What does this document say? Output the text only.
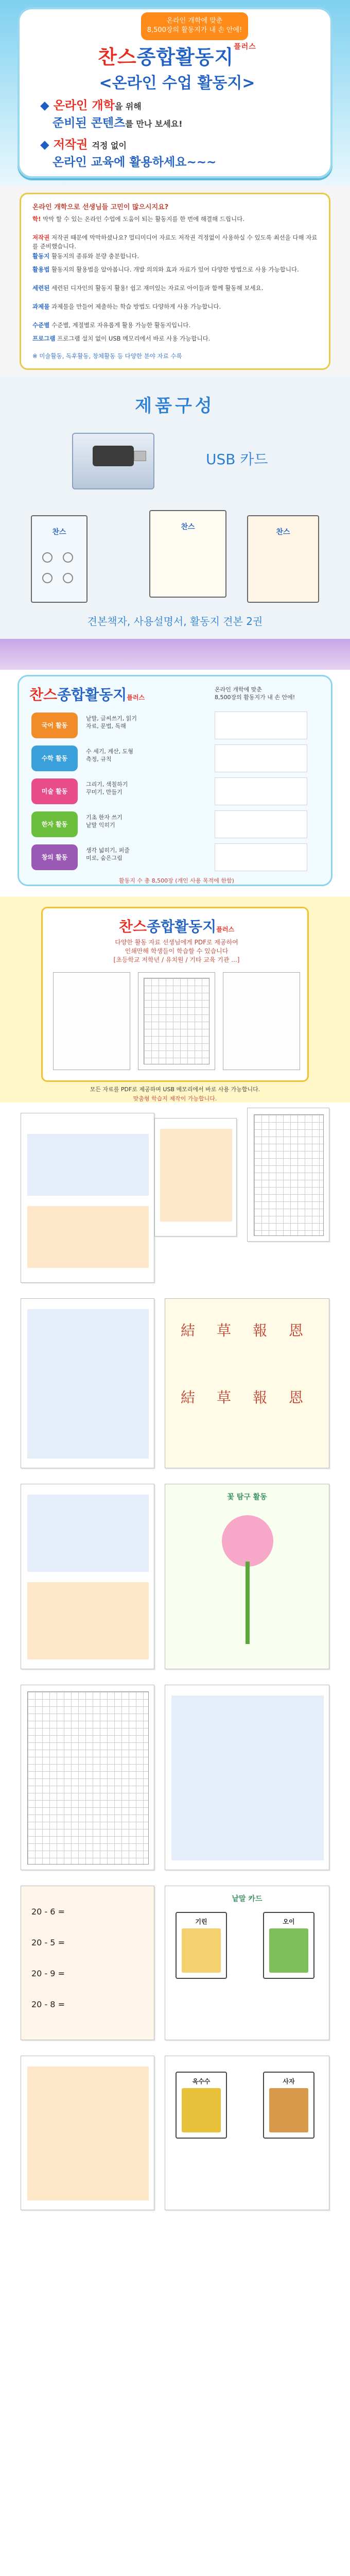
온라인 개학에 맞춘
8,500장의 활동지가 내 손 안에!
찬스종합활동지$^{플러스}$
<온라인 수업 활동지>
◆ 온라인 개학을 위해
준비된 콘텐츠를 만나 보세요!
◆ 저작권 걱정 없이
온라인 교육에 활용하세요~~~
온라인 개학으로 선생님들 고민이 많으시지요?
학! 막막 할 수 있는 온라인 수업에 도움이 되는 활동지를 한 번에 해결해 드립니다.
저작권 저작권 때문에 막막하셨나요? 멀티미디어 자료도 저작권 걱정없이 사용하실 수 있도록 최선을 다해 자료를 준비했습니다.
활동지 활동지의 종류와 분량 충분합니다.
활용법 활동지의 활용법을 알아봅니다. 개발 의의와 효과 자료가 있어 다양한 방법으로 사용 가능합니다.
세련된 세련된 디자인의 활동지 활용! 쉽고 재미있는 자료로 아이들과 함께 활동해 보세요.
과제물 과제물을 만들어 제출하는 학습 방법도 다양하게 사용 가능합니다.
수준별 수준별, 계절별로 자유롭게 활용 가능한 활동지입니다.
프로그램 프로그램 설치 없이 USB 메모리에서 바로 사용 가능합니다.
※ 미술활동, 독후활동, 창체활동 등 다양한 분야 자료 수록
제품구성
USB 카드
찬스
찬스
찬스
견본책자, 사용설명서, 활동지 견본 2권
찬스종합활동지플러스
온라인 개학에 맞춘
8,500장의 활동지가 내 손 안에!
국어 활동
낱말, 글씨쓰기, 읽기
자료, 문법, 독해
수학 활동
수 세기, 계산, 도형
측정, 규칙
미술 활동
그리기, 색칠하기
꾸미기, 만들기
한자 활동
기초 한자 쓰기
낱말 익히기
창의 활동
생각 넓히기, 퍼즐
미로, 숨은그림
활동지 수 총 8,500장 (개인 사용 목적에 한함)
찬스종합활동지플러스
다양한 활동 자료 선생님에게 PDF로 제공하여
인쇄만해 학생들이 학습할 수 있습니다
[초등학교 저학년 / 유치원 / 기타 교육 기관 ...]
모든 자료를 PDF로 제공하며 USB 메모리에서 바로 사용 가능합니다.
맞춤형 학습지 제작이 가능합니다.
結 草 報 恩
結 草 報 恩
꽃 탐구 활동
20 - 6 =
20 - 5 =
20 - 9 =
20 - 8 =
낱말 카드
기린	오이
옥수수	사자
